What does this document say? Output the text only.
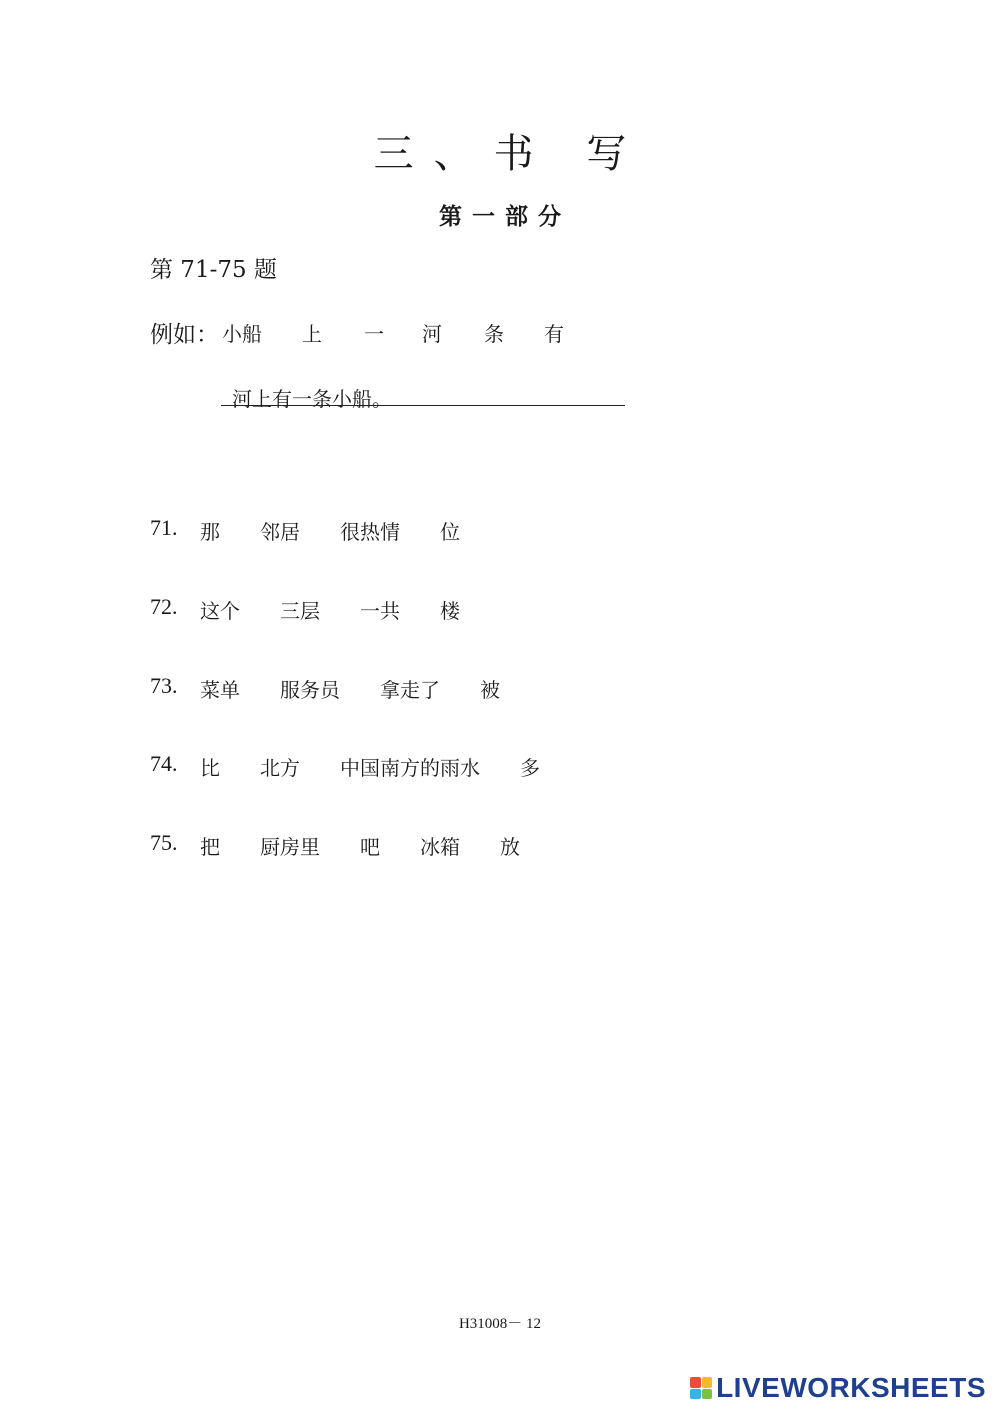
三、书 写
第一部分
第 71-75 题
例如： 小船 上 一 河 条 有
河上有一条小船。
71. 那 邻居 很热情 位
72. 这个 三层 一共 楼
73. 菜单 服务员 拿走了 被
74. 比 北方 中国南方的雨水 多
75. 把 厨房里 吧 冰箱 放
H31008－ 12
LIVEWORKSHEETS
